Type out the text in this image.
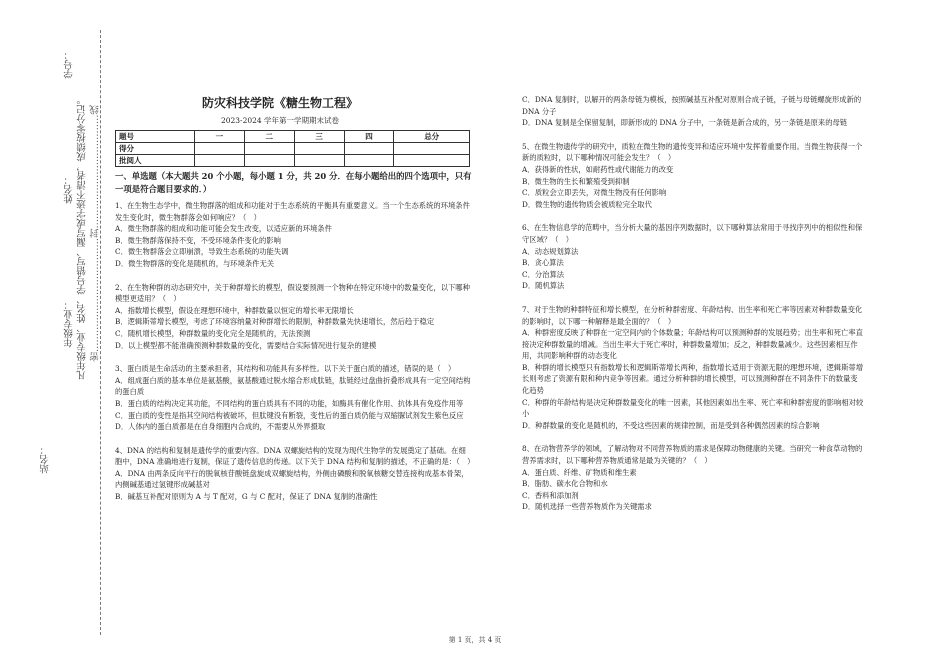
学号：
姓名：
年级专业：
站名：
凡年级专业、姓名、学号错写、漏写或字迹不清者，成绩按零分记。 密………………………………封………………………………线
防灾科技学院《糖生物工程》
2023-2024 学年第一学期期末试卷
题号	一	二	三	四	总分
得分					
批阅人					

一、单选题（本大题共 20 个小题，每小题 1 分，共 20 分．在每小题给出的四个选项中，只有一项是符合题目要求的．）

1、在生物生态学中，微生物群落的组成和功能对于生态系统的平衡具有重要意义。当一个生态系统的环境条件发生变化时，微生物群落会如何响应？（　）

A．微生物群落的组成和功能可能会发生改变，以适应新的环境条件

B．微生物群落保持不变，不受环境条件变化的影响

C．微生物群落会立即崩溃，导致生态系统的功能失调

D．微生物群落的变化是随机的，与环境条件无关

2、在生物种群的动态研究中，关于种群增长的模型，假设要预测一个物种在特定环境中的数量变化，以下哪种模型更适用？（　）

A．指数增长模型，假设在理想环境中，种群数量以恒定的增长率无限增长

B．逻辑斯蒂增长模型，考虑了环境容纳量对种群增长的限制，种群数量先快速增长，然后趋于稳定

C．随机增长模型，种群数量的变化完全是随机的，无法预测

D．以上模型都不能准确预测种群数量的变化，需要结合实际情况进行复杂的建模

3、蛋白质是生命活动的主要承担者，其结构和功能具有多样性。以下关于蛋白质的描述，错误的是（　）

A．组成蛋白质的基本单位是氨基酸，氨基酸通过脱水缩合形成肽链，肽链经过盘曲折叠形成具有一定空间结构的蛋白质

B．蛋白质的结构决定其功能，不同结构的蛋白质具有不同的功能，如酶具有催化作用、抗体具有免疫作用等

C．蛋白质的变性是指其空间结构被破坏，但肽键没有断裂，变性后的蛋白质仍能与双缩脲试剂发生紫色反应

D．人体内的蛋白质都是在自身细胞内合成的，不需要从外界摄取

4、DNA 的结构和复制是遗传学的重要内容。DNA 双螺旋结构的发现为现代生物学的发展奠定了基础。在细胞中，DNA 准确地进行复制，保证了遗传信息的传递。以下关于 DNA 结构和复制的描述，不正确的是：（　）

A．DNA 由两条反向平行的脱氧核苷酸链盘旋成双螺旋结构，外侧由磷酸和脱氧核糖交替连接构成基本骨架，内侧碱基通过氢键形成碱基对

B．碱基互补配对原则为 A 与 T 配对，G 与 C 配对，保证了 DNA 复制的准确性

C．DNA 复制时，以解开的两条母链为模板，按照碱基互补配对原则合成子链，子链与母链螺旋形成新的 DNA 分子

D．DNA 复制是全保留复制，即新形成的 DNA 分子中，一条链是新合成的，另一条链是原来的母链

5、在微生物遗传学的研究中，质粒在微生物的遗传变异和适应环境中发挥着重要作用。当微生物获得一个新的质粒时，以下哪种情况可能会发生？（　）

A．获得新的性状，如耐药性或代谢能力的改变

B．微生物的生长和繁殖受到抑制

C．质粒会立即丢失，对微生物没有任何影响

D．微生物的遗传物质会被质粒完全取代

6、在生物信息学的范畴中，当分析大量的基因序列数据时，以下哪种算法常用于寻找序列中的相似性和保守区域？（　）

A．动态规划算法

B．贪心算法

C．分治算法

D．随机算法

7、对于生物的种群特征和增长模型，在分析种群密度、年龄结构、出生率和死亡率等因素对种群数量变化的影响时，以下哪一种解释是最全面的？（　）

A．种群密度反映了种群在一定空间内的个体数量；年龄结构可以预测种群的发展趋势；出生率和死亡率直接决定种群数量的增减。当出生率大于死亡率时，种群数量增加；反之，种群数量减少。这些因素相互作用，共同影响种群的动态变化

B．种群的增长模型只有指数增长和逻辑斯蒂增长两种，指数增长适用于资源无限的理想环境，逻辑斯蒂增长则考虑了资源有限和种内竞争等因素。通过分析种群的增长模型，可以预测种群在不同条件下的数量变化趋势

C．种群的年龄结构是决定种群数量变化的唯一因素，其他因素如出生率、死亡率和种群密度的影响相对较小

D．种群数量的变化是随机的，不受这些因素的规律控制，而是受到各种偶然因素的综合影响

8、在动物营养学的领域，了解动物对不同营养物质的需求是保障动物健康的关键。当研究一种食草动物的营养需求时，以下哪种营养物质通常是最为关键的？（　）

A．蛋白质、纤维、矿物质和维生素

B．脂肪、碳水化合物和水

C．香料和添加剂

D．随机选择一些营养物质作为关键需求

第 1 页，共 4 页
